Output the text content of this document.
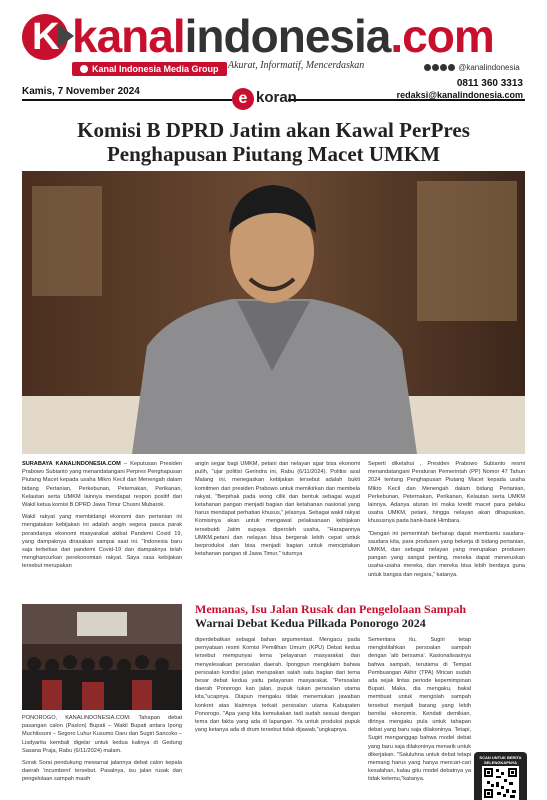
K kanalindonesia.com
Kanal Indonesia Media Group Akurat, Informatif, Mencerdaskan	@kanalindonesia
Kamis, 7 November 2024	e koran
0811 360 3313
redaksi@kanalindonesia.com
Komisi B DPRD Jatim akan Kawal PerPres
Penghapusan Piutang Macet UMKM

SURABAYA KANALINDONESIA.COM – Keputusan Presiden Prabowo Subianto yang menandatangani Perpres Penghapusan Piutang Macet kepada usaha Mikro Kecil dan Menengah dalam bidang Pertanian, Perkebunan, Peternakan, Perikanan, Kelautan serta UMKM lainnya mendapat respon positif dari Wakil ketua komisi B DPRD Jawa Timur Chusni Mubarok.

Wakil rakyat yang membidangi ekonomi dan pertanian ini mengatakan kebijakan ini adalah angin segera pasca parak porandanya ekonomi masyarakat akibat Pandemi Covid 19, yang dampaknya dirasakan sampai saat ini. "Indonesia baru saja terbebas dari pandemi Covid-19 dan dampaknya telah menghancurkan perekonomian rakyat. Saya rasa kebijakan tersebut merupakan

angin segar bagi UMKM, petani dan nelayan agar bisa ekonomi pulih, "ujar politisi Gerindra ini, Rabu (6/11/2024). Politisi asal Malang ini, menegaskan kebijakan tersebut adalah bukti komitmen dari presiden Prabowo untuk memikirkan dan membela rakyat, "Berpihak pada wong cilik dan bentuk sebagai wujud ketahanan pangan menjadi bagian dari ketahanan nasional yang harus mendapat perhatian khusus," jelasnya. Sebagai wakil rakyat Komisinya akan untuk mengawal pelaksanaan kebijakan tersebutdi Jatim supaya diperoleh usaha, "Harapannya UMKM,petani dan nelayan bisa bergerak lebih cepat untuk berproduksi dan bisa menjadi bagian untuk menciptakan ketahanan pangan di Jawa Timur," tuturnya

Seperti diketahui , Presiden Prabowo Subianto resmi menandatangani Peraturan Pemerintah (PP) Nomor 47 Tahun 2024 tentang Penghapusan Piutang Macet kepada usaha Mikro Kecil dan Menengah dalam bidang Pertanian, Perkebunan, Peternakan, Perikanan, Kelautan serta UMKM lainnya. Adanya aturan ini maka kredit macet para pelaku usaha UMKM, petani, hingga nelayan akan dihapuskan, khususnya pada bank-bank Himbara.

"Dengan ini pemerintah berharap dapat membantu saudara-saudara kita, para produsen yang bekerja di bidang pertanian, UMKM, dan sebagai nelayan yang merupakan produsen pangan yang sangat penting, mereka dapat meneruskan usaha-usaha mereka, dan mereka bisa lebih berdaya guna untuk bangsa dan negara," katanya.

Memanas, Isu Jalan Rusak dan Pengelolaan Sampah
Warnai Debat Kedua Pilkada Ponorogo 2024

PONOROGO, KANALINDONESIA.COM: Tahapan debat pasangan calon (Paslon) Bupati – Wakil Bupati antara Ipong Muchlissoni – Segoro Luhur Kusumo Daru dan Sugiri Sancoko – Lisdyarita kembali digelar untuk kedua kalinya di Gedung Sasana Praja, Rabu (6/11/2024) malam.

Sorak Sorai pendukung mewarnai jalannya debat calon kepala daerah 'incumbent' tersebut. Pasalnya, isu jalan rusak dan pengelolaan sampah masih

diperdebatkan sebagai bahan argumentasi. Mengacu pada pernyataan resmi Komisi Pemilihan Umum (KPU) Debat kedua tersebut mempunyai tema 'pelayanan masyarakat dan menyelesaikan persoalan daerah. Ipongpun mengklaim bahwa persoalan kondisi jalan merupakan salah satu bagian dari tema besar debat kedua yaitu pelayanan masyarakat. "Persoalan daerah Ponorogo kan jalan, pupuk tukan persoalan utama kita,"ucapnya. Diapun mengaku tidak menemukan jawaban konkret atas klaimnya terkait persoalan utama Kabupaten Ponorogo. "Apa yang kita kemukakan tadi sudah sesuai dengan tema dan fakta yang ada di lapangan. Ya untuk produksi pupuk yang ketanya ada di drum tersebut tidak dijawab,"ungkapnya.

Sementara itu, Sugiri tetap mengistilahkan persoalan sampah dengan 'aib bersama'. Kasionalisasinya bahwa sampah, terutama di Tempat Pembuangan Akhir (TPA) Mrican sudah ada sejak lintas periode kepemimpinan Bupati. Maka, dia mengaku, bakal membuat untuk mengolah sampah tersebut menjadi barang yang lebih bernilai ekonomis. Kendati demikian, dirinya mengaku pula untuk tahapan debat yang baru saja dilakoninya. Tetapi, Sugiri menganggap bahwa model debat yang baru saja dilakoninya menarik untuk dikerjakan. "Saluluhna untuk debat tetapi memang harus yang hanya mencari-cari kesalahan, kalau gitu model debatnya ya tidak ketemu,"katanya.

SCAN UNTUK BERITA SELENGKAPNYA
